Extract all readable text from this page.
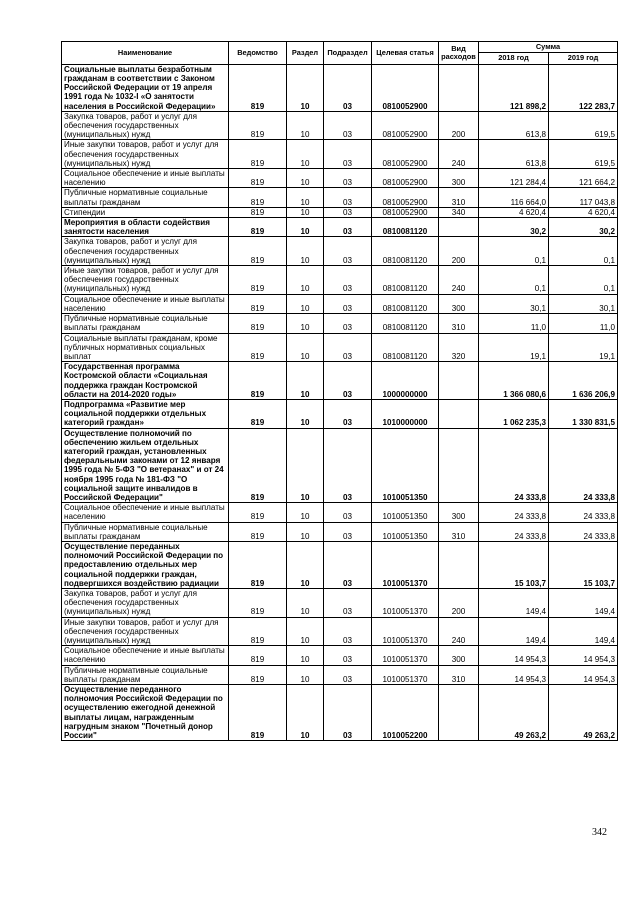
Наименование	Ведомство	Раздел	Подраздел	Целевая статья	Вид расходов	Сумма	
						2018 год	2019 год
Социальные выплаты безработным гражданам в соответствии с Законом Российской Федерации от 19 апреля 1991 года № 1032-I «О занятости населения в Российской Федерации»	819	10	03	0810052900		121 898,2	122 283,7
Закупка товаров, работ и услуг для обеспечения государственных (муниципальных) нужд	819	10	03	0810052900	200	613,8	619,5
Иные закупки товаров, работ и услуг для обеспечения государственных (муниципальных) нужд	819	10	03	0810052900	240	613,8	619,5
Социальное обеспечение и иные выплаты населению	819	10	03	0810052900	300	121 284,4	121 664,2
Публичные нормативные социальные выплаты гражданам	819	10	03	0810052900	310	116 664,0	117 043,8
Стипендии	819	10	03	0810052900	340	4 620,4	4 620,4
Мероприятия в области содействия занятости населения	819	10	03	0810081120		30,2	30,2
Закупка товаров, работ и услуг для обеспечения государственных (муниципальных) нужд	819	10	03	0810081120	200	0,1	0,1
Иные закупки товаров, работ и услуг для обеспечения государственных (муниципальных) нужд	819	10	03	0810081120	240	0,1	0,1
Социальное обеспечение и иные выплаты населению	819	10	03	0810081120	300	30,1	30,1
Публичные нормативные социальные выплаты гражданам	819	10	03	0810081120	310	11,0	11,0
Социальные выплаты гражданам, кроме публичных нормативных социальных выплат	819	10	03	0810081120	320	19,1	19,1
Государственная программа Костромской области «Социальная поддержка граждан Костромской области на 2014-2020 годы»	819	10	03	1000000000		1 366 080,6	1 636 206,9
Подпрограмма «Развитие мер социальной поддержки отдельных категорий граждан»	819	10	03	1010000000		1 062 235,3	1 330 831,5
Осуществление полномочий по обеспечению жильем отдельных категорий граждан, установленных федеральными законами от 12 января 1995 года № 5-ФЗ "О ветеранах" и от 24 ноября 1995 года № 181-ФЗ "О социальной защите инвалидов в Российской Федерации"	819	10	03	1010051350		24 333,8	24 333,8
Социальное обеспечение и иные выплаты населению	819	10	03	1010051350	300	24 333,8	24 333,8
Публичные нормативные социальные выплаты гражданам	819	10	03	1010051350	310	24 333,8	24 333,8
Осуществление переданных полномочий Российской Федерации по предоставлению отдельных мер социальной поддержки граждан, подвергшихся воздействию радиации	819	10	03	1010051370		15 103,7	15 103,7
Закупка товаров, работ и услуг для обеспечения государственных (муниципальных) нужд	819	10	03	1010051370	200	149,4	149,4
Иные закупки товаров, работ и услуг для обеспечения государственных (муниципальных) нужд	819	10	03	1010051370	240	149,4	149,4
Социальное обеспечение и иные выплаты населению	819	10	03	1010051370	300	14 954,3	14 954,3
Публичные нормативные социальные выплаты гражданам	819	10	03	1010051370	310	14 954,3	14 954,3
Осуществление переданного полномочия Российской Федерации по осуществлению ежегодной денежной выплаты лицам, награжденным нагрудным знаком "Почетный донор России"	819	10	03	1010052200		49 263,2	49 263,2
342
